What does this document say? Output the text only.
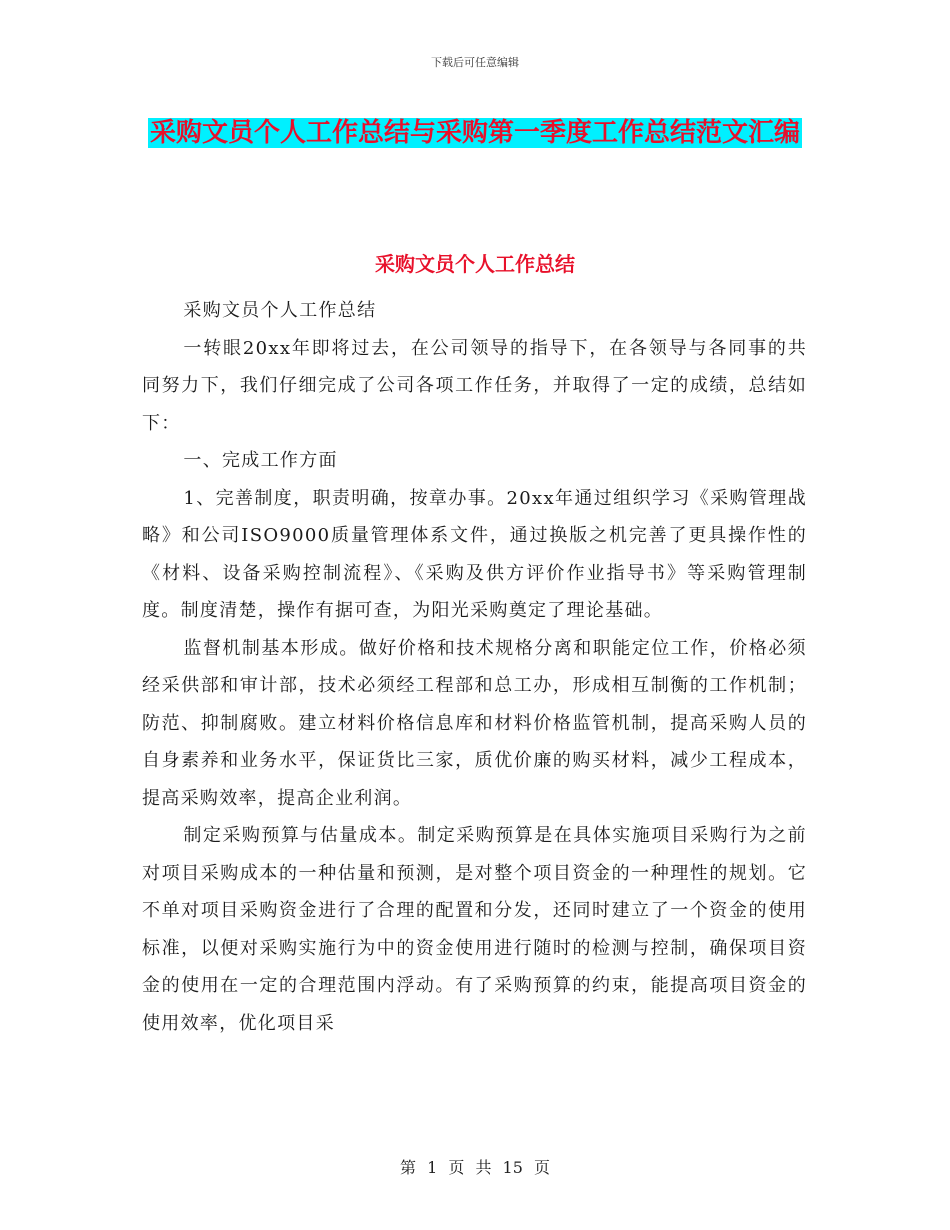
下载后可任意编辑
采购文员个人工作总结与采购第一季度工作总结范文汇编
采购文员个人工作总结

采购文员个人工作总结

一转眼20xx年即将过去，在公司领导的指导下，在各领导与各同事的共同努力下，我们仔细完成了公司各项工作任务，并取得了一定的成绩，总结如下：

一、完成工作方面

1、完善制度，职责明确，按章办事。20xx年通过组织学习《采购管理战略》和公司ISO9000质量管理体系文件，通过换版之机完善了更具操作性的《材料、设备采购控制流程》、《采购及供方评价作业指导书》等采购管理制度。制度清楚，操作有据可查，为阳光采购奠定了理论基础。

监督机制基本形成。做好价格和技术规格分离和职能定位工作，价格必须经采供部和审计部，技术必须经工程部和总工办，形成相互制衡的工作机制；防范、抑制腐败。建立材料价格信息库和材料价格监管机制，提高采购人员的自身素养和业务水平，保证货比三家，质优价廉的购买材料，减少工程成本，提高采购效率，提高企业利润。

制定采购预算与估量成本。制定采购预算是在具体实施项目采购行为之前对项目采购成本的一种估量和预测，是对整个项目资金的一种理性的规划。它不单对项目采购资金进行了合理的配置和分发，还同时建立了一个资金的使用标准，以便对采购实施行为中的资金使用进行随时的检测与控制，确保项目资金的使用在一定的合理范围内浮动。有了采购预算的约束，能提高项目资金的使用效率，优化项目采

第 1 页 共 15 页
